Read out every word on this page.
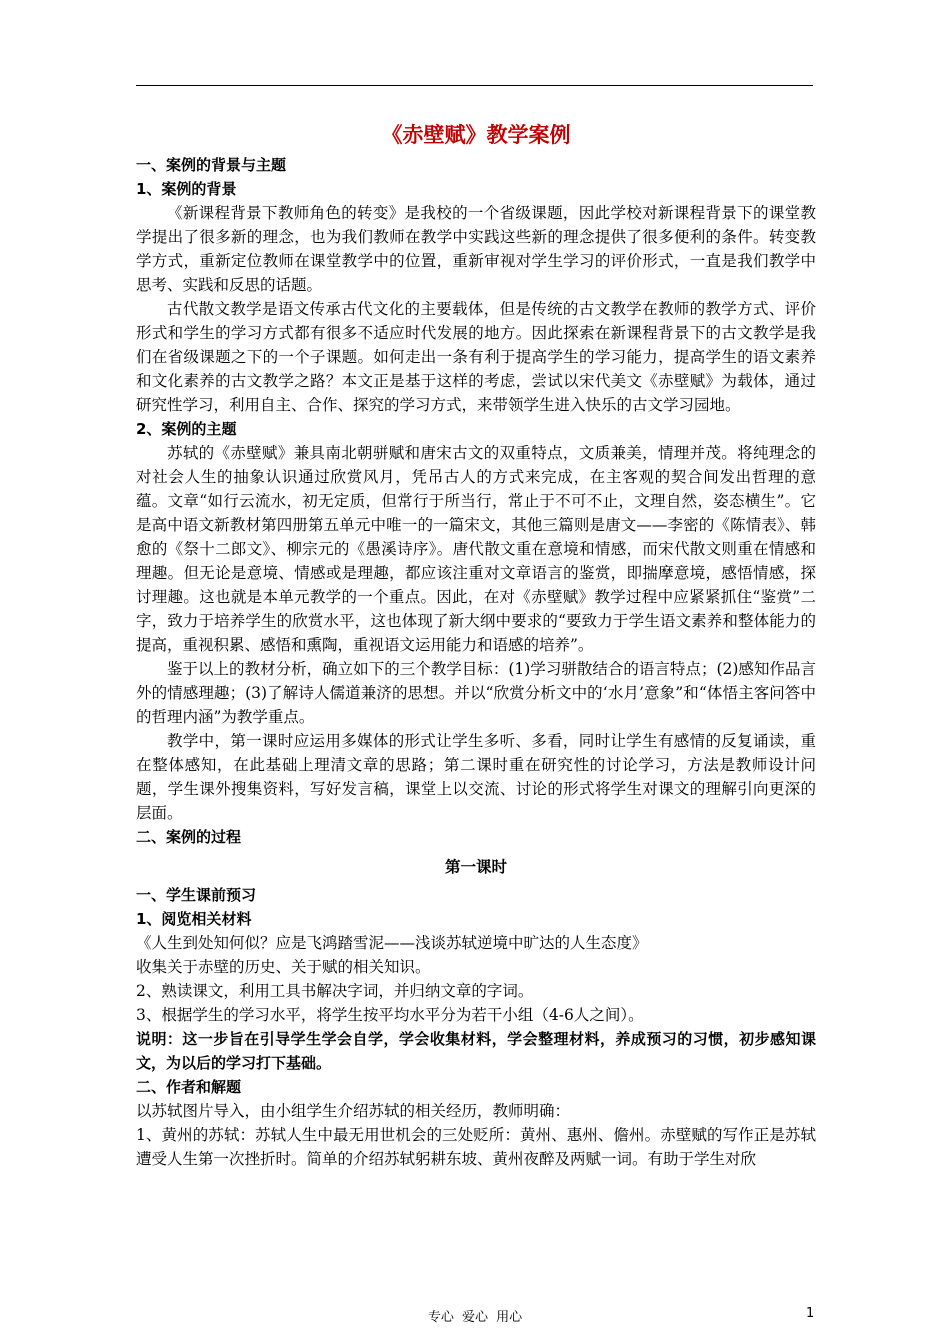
《赤壁赋》教学案例

一、案例的背景与主题

1、案例的背景

《新课程背景下教师角色的转变》是我校的一个省级课题，因此学校对新课程背景下的课堂教学提出了很多新的理念，也为我们教师在教学中实践这些新的理念提供了很多便利的条件。转变教学方式，重新定位教师在课堂教学中的位置，重新审视对学生学习的评价形式，一直是我们教学中思考、实践和反思的话题。

古代散文教学是语文传承古代文化的主要载体，但是传统的古文教学在教师的教学方式、评价形式和学生的学习方式都有很多不适应时代发展的地方。因此探索在新课程背景下的古文教学是我们在省级课题之下的一个子课题。如何走出一条有利于提高学生的学习能力，提高学生的语文素养和文化素养的古文教学之路？本文正是基于这样的考虑，尝试以宋代美文《赤壁赋》为载体，通过研究性学习，利用自主、合作、探究的学习方式，来带领学生进入快乐的古文学习园地。

2、案例的主题

苏轼的《赤壁赋》兼具南北朝骈赋和唐宋古文的双重特点，文质兼美，情理并茂。将纯理念的对社会人生的抽象认识通过欣赏风月，凭吊古人的方式来完成，在主客观的契合间发出哲理的意蕴。文章“如行云流水，初无定质，但常行于所当行，常止于不可不止，文理自然，姿态横生”。它是高中语文新教材第四册第五单元中唯一的一篇宋文，其他三篇则是唐文——李密的《陈情表》、韩愈的《祭十二郎文》、柳宗元的《愚溪诗序》。唐代散文重在意境和情感，而宋代散文则重在情感和理趣。但无论是意境、情感或是理趣，都应该注重对文章语言的鉴赏，即揣摩意境，感悟情感，探讨理趣。这也就是本单元教学的一个重点。因此，在对《赤壁赋》教学过程中应紧紧抓住“鉴赏”二字，致力于培养学生的欣赏水平，这也体现了新大纲中要求的“要致力于学生语文素养和整体能力的提高，重视积累、感悟和熏陶，重视语文运用能力和语感的培养”。

鉴于以上的教材分析，确立如下的三个教学目标：(1)学习骈散结合的语言特点；(2)感知作品言外的情感理趣；(3)了解诗人儒道兼济的思想。并以“欣赏分析文中的‘水月’意象”和“体悟主客问答中的哲理内涵”为教学重点。

教学中，第一课时应运用多媒体的形式让学生多听、多看，同时让学生有感情的反复诵读，重在整体感知，在此基础上理清文章的思路；第二课时重在研究性的讨论学习，方法是教师设计问题，学生课外搜集资料，写好发言稿，课堂上以交流、讨论的形式将学生对课文的理解引向更深的层面。

二、案例的过程

第一课时

一、学生课前预习

1、阅览相关材料

《人生到处知何似？应是飞鸿踏雪泥——浅谈苏轼逆境中旷达的人生态度》

收集关于赤壁的历史、关于赋的相关知识。

2、熟读课文，利用工具书解决字词，并归纳文章的字词。

3、根据学生的学习水平，将学生按平均水平分为若干小组（4-6人之间）。

说明：这一步旨在引导学生学会自学，学会收集材料，学会整理材料，养成预习的习惯，初步感知课文，为以后的学习打下基础。

二、作者和解题

以苏轼图片导入，由小组学生介绍苏轼的相关经历，教师明确：

1、黄州的苏轼：苏轼人生中最无用世机会的三处贬所：黄州、惠州、儋州。赤壁赋的写作正是苏轼遭受人生第一次挫折时。简单的介绍苏轼躬耕东坡、黄州夜醉及两赋一词。有助于学生对欣

专心 爱心 用心	1
